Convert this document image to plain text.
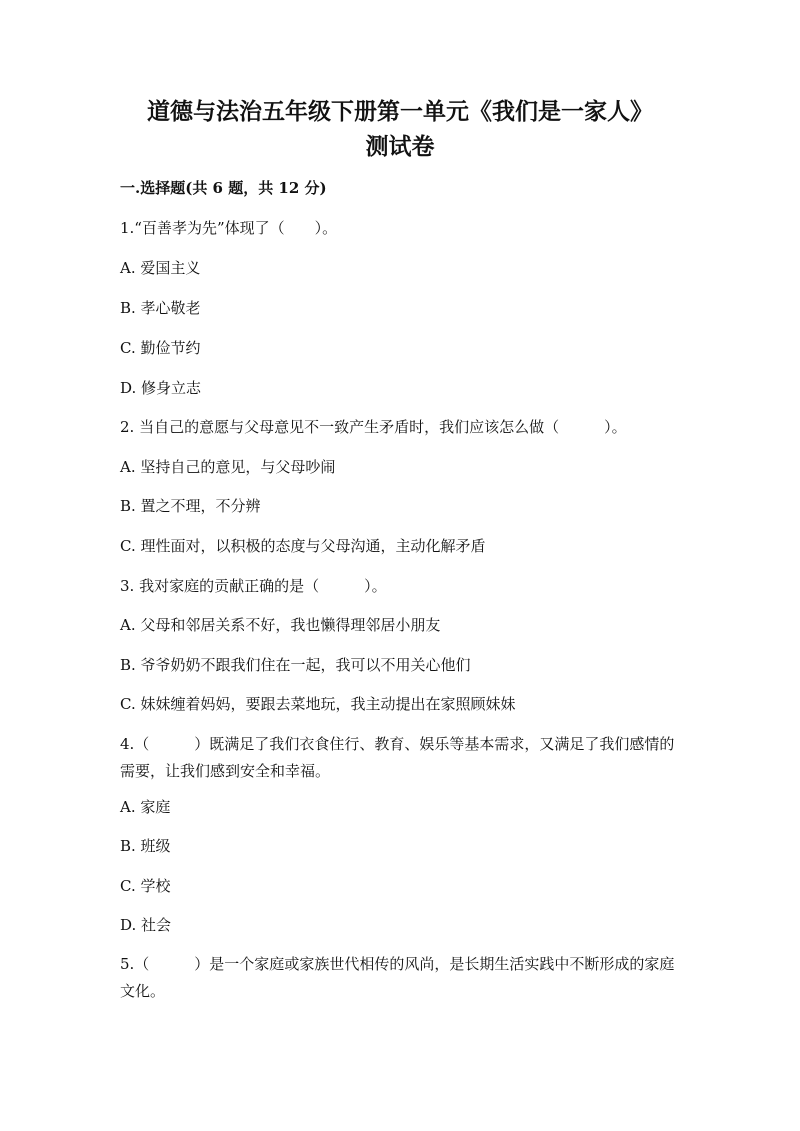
道德与法治五年级下册第一单元《我们是一家人》
测试卷
一.选择题(共 6 题，共 12 分)
1.“百善孝为先”体现了（　　）。
A. 爱国主义
B. 孝心敬老
C. 勤俭节约
D. 修身立志
2. 当自己的意愿与父母意见不一致产生矛盾时，我们应该怎么做（　　　）。
A. 坚持自己的意见，与父母吵闹
B. 置之不理，不分辨
C. 理性面对，以积极的态度与父母沟通，主动化解矛盾
3. 我对家庭的贡献正确的是（　　　）。
A. 父母和邻居关系不好，我也懒得理邻居小朋友
B. 爷爷奶奶不跟我们住在一起，我可以不用关心他们
C. 妹妹缠着妈妈，要跟去菜地玩，我主动提出在家照顾妹妹
4.（　　　）既满足了我们衣食住行、教育、娱乐等基本需求，又满足了我们感情的需要，让我们感到安全和幸福。
A. 家庭
B. 班级
C. 学校
D. 社会
5.（　　　）是一个家庭或家族世代相传的风尚，是长期生活实践中不断形成的家庭文化。
